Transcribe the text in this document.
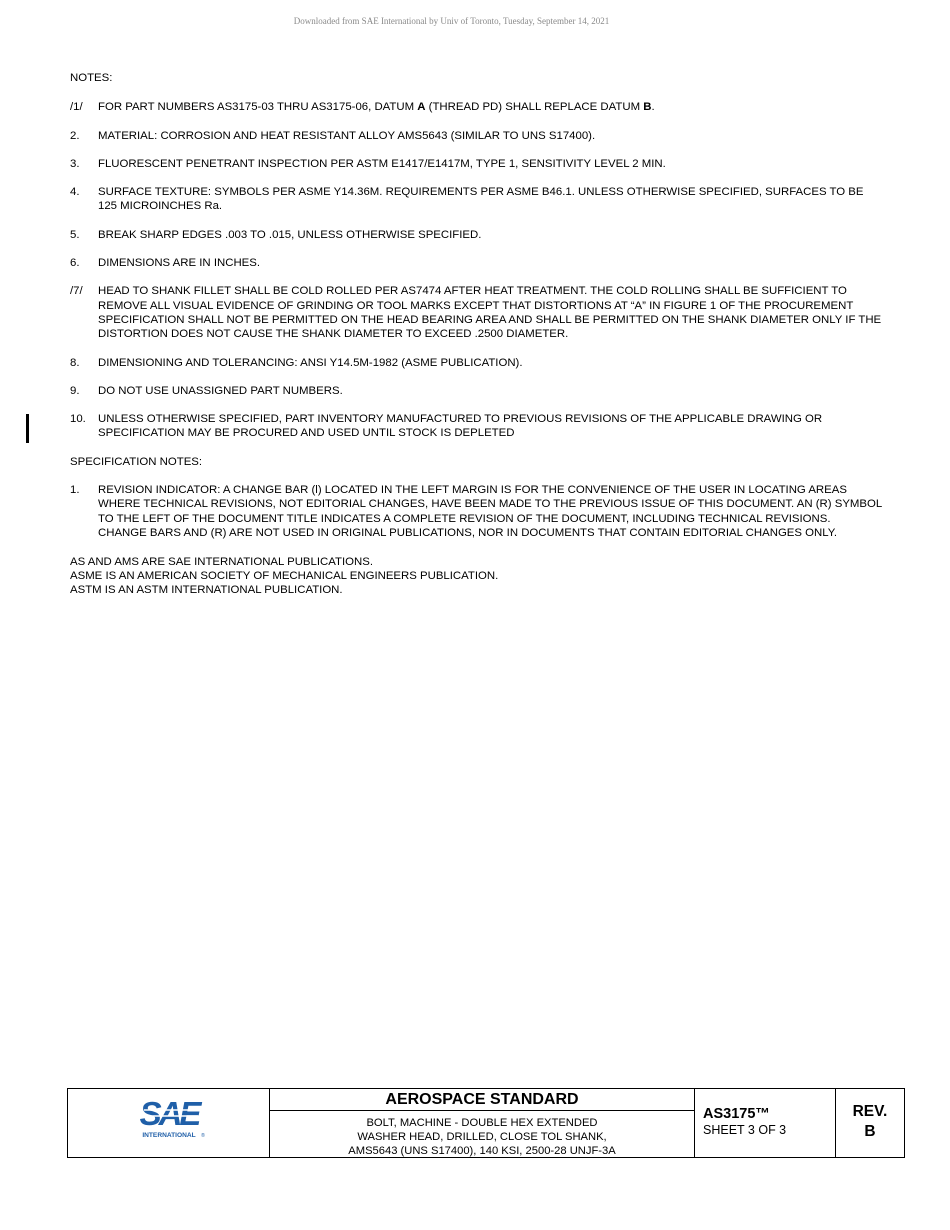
Downloaded from SAE International by Univ of Toronto, Tuesday, September 14, 2021
NOTES:
/1/	FOR PART NUMBERS AS3175-03 THRU AS3175-06, DATUM A (THREAD PD) SHALL REPLACE DATUM B.
2.	MATERIAL: CORROSION AND HEAT RESISTANT ALLOY AMS5643 (SIMILAR TO UNS S17400).
3.	FLUORESCENT PENETRANT INSPECTION PER ASTM E1417/E1417M, TYPE 1, SENSITIVITY LEVEL 2 MIN.
4.	SURFACE TEXTURE: SYMBOLS PER ASME Y14.36M. REQUIREMENTS PER ASME B46.1. UNLESS OTHERWISE SPECIFIED, SURFACES TO BE 125 MICROINCHES Ra.
5.	BREAK SHARP EDGES .003 TO .015, UNLESS OTHERWISE SPECIFIED.
6.	DIMENSIONS ARE IN INCHES.
/7/	HEAD TO SHANK FILLET SHALL BE COLD ROLLED PER AS7474 AFTER HEAT TREATMENT. THE COLD ROLLING SHALL BE SUFFICIENT TO REMOVE ALL VISUAL EVIDENCE OF GRINDING OR TOOL MARKS EXCEPT THAT DISTORTIONS AT “A” IN FIGURE 1 OF THE PROCUREMENT SPECIFICATION SHALL NOT BE PERMITTED ON THE HEAD BEARING AREA AND SHALL BE PERMITTED ON THE SHANK DIAMETER ONLY IF THE DISTORTION DOES NOT CAUSE THE SHANK DIAMETER TO EXCEED .2500 DIAMETER.
8.	DIMENSIONING AND TOLERANCING: ANSI Y14.5M-1982 (ASME PUBLICATION).
9.	DO NOT USE UNASSIGNED PART NUMBERS.
10.	UNLESS OTHERWISE SPECIFIED, PART INVENTORY MANUFACTURED TO PREVIOUS REVISIONS OF THE APPLICABLE DRAWING OR SPECIFICATION MAY BE PROCURED AND USED UNTIL STOCK IS DEPLETED
SPECIFICATION NOTES:
1.	REVISION INDICATOR: A CHANGE BAR (l) LOCATED IN THE LEFT MARGIN IS FOR THE CONVENIENCE OF THE USER IN LOCATING AREAS WHERE TECHNICAL REVISIONS, NOT EDITORIAL CHANGES, HAVE BEEN MADE TO THE PREVIOUS ISSUE OF THIS DOCUMENT. AN (R) SYMBOL TO THE LEFT OF THE DOCUMENT TITLE INDICATES A COMPLETE REVISION OF THE DOCUMENT, INCLUDING TECHNICAL REVISIONS. CHANGE BARS AND (R) ARE NOT USED IN ORIGINAL PUBLICATIONS, NOR IN DOCUMENTS THAT CONTAIN EDITORIAL CHANGES ONLY.
AS AND AMS ARE SAE INTERNATIONAL PUBLICATIONS.
ASME IS AN AMERICAN SOCIETY OF MECHANICAL ENGINEERS PUBLICATION.
ASTM IS AN ASTM INTERNATIONAL PUBLICATION.
SAE
INTERNATIONAL ®
AEROSPACE STANDARD
BOLT, MACHINE - DOUBLE HEX EXTENDED
WASHER HEAD, DRILLED, CLOSE TOL SHANK,
AMS5643 (UNS S17400), 140 KSI, 2500-28 UNJF-3A
AS3175™
SHEET 3 OF 3
REV.
B
